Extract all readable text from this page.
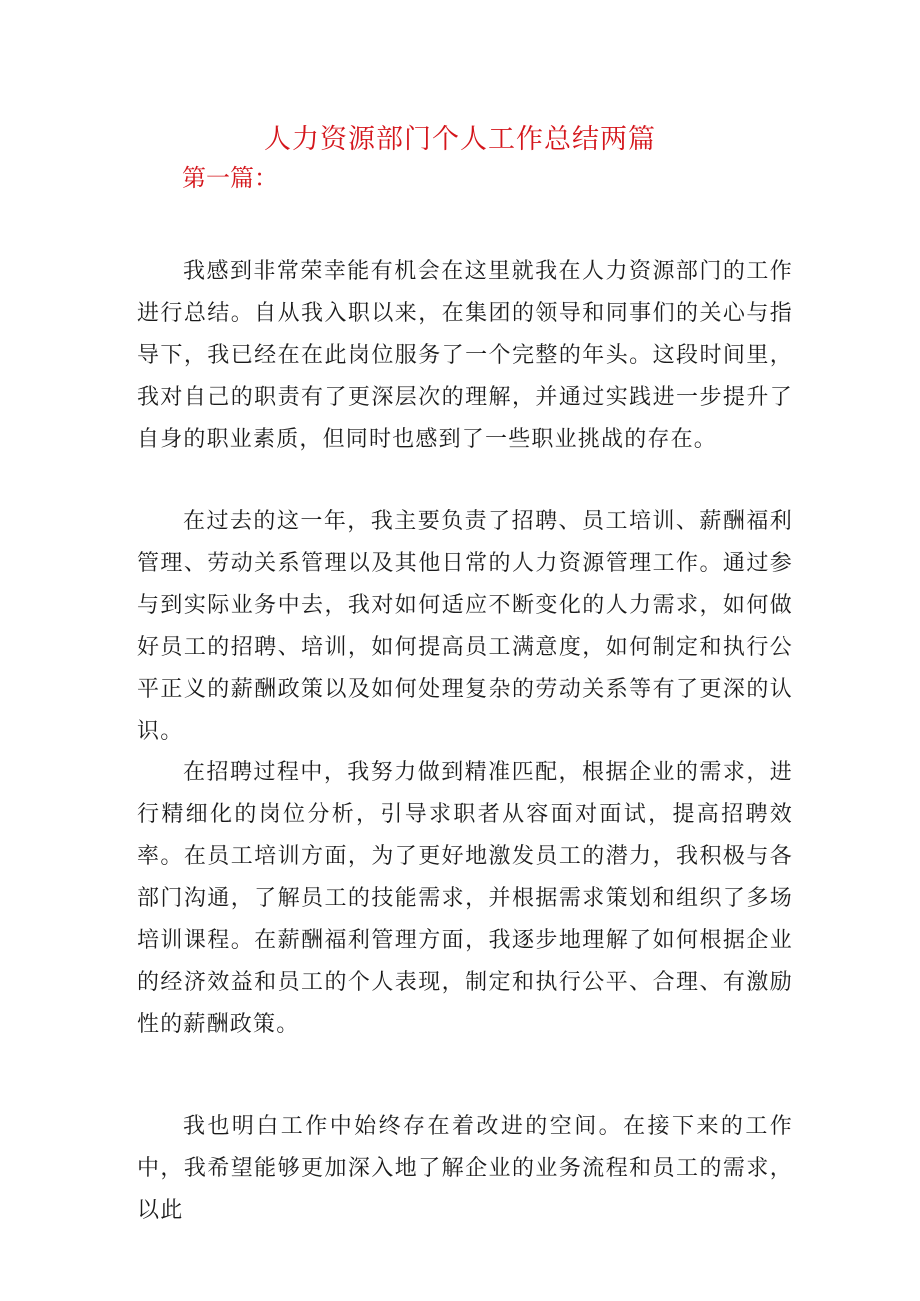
人力资源部门个人工作总结两篇
第一篇：

我感到非常荣幸能有机会在这里就我在人力资源部门的工作进行总结。自从我入职以来，在集团的领导和同事们的关心与指导下，我已经在在此岗位服务了一个完整的年头。这段时间里，我对自己的职责有了更深层次的理解，并通过实践进一步提升了自身的职业素质，但同时也感到了一些职业挑战的存在。

在过去的这一年，我主要负责了招聘、员工培训、薪酬福利管理、劳动关系管理以及其他日常的人力资源管理工作。通过参与到实际业务中去，我对如何适应不断变化的人力需求，如何做好员工的招聘、培训，如何提高员工满意度，如何制定和执行公平正义的薪酬政策以及如何处理复杂的劳动关系等有了更深的认识。

在招聘过程中，我努力做到精准匹配，根据企业的需求，进行精细化的岗位分析，引导求职者从容面对面试，提高招聘效率。在员工培训方面，为了更好地激发员工的潜力，我积极与各部门沟通，了解员工的技能需求，并根据需求策划和组织了多场培训课程。在薪酬福利管理方面，我逐步地理解了如何根据企业的经济效益和员工的个人表现，制定和执行公平、合理、有激励性的薪酬政策。

我也明白工作中始终存在着改进的空间。在接下来的工作中，我希望能够更加深入地了解企业的业务流程和员工的需求，以此
